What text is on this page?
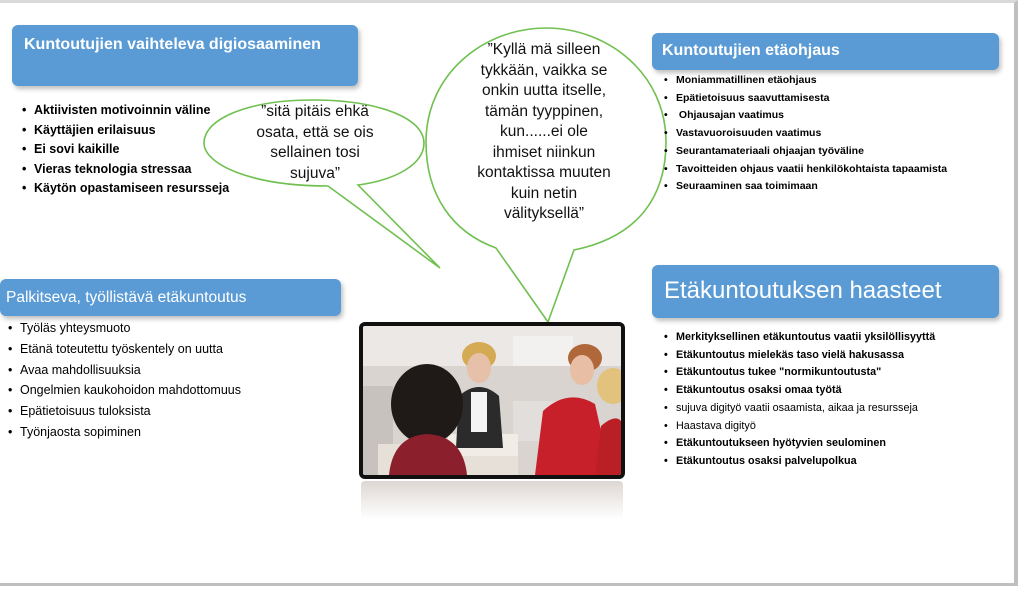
”sitä pitäis ehkä
osata, että se ois
sellainen tosi
sujuva”
”Kyllä mä silleen
tykkään, vaikka se
onkin uutta itselle,
tämän tyyppinen,
kun......ei ole
ihmiset niinkun
kontaktissa muuten
kuin netin
välityksellä”
Kuntoutujien vaihteleva digiosaaminen
• Aktiivisten motivoinnin väline
• Käyttäjien erilaisuus
• Ei sovi kaikille
• Vieras teknologia stressaa
• Käytön opastamiseen resursseja
Kuntoutujien etäohjaus
• Moniammatillinen etäohjaus
• Epätietoisuus saavuttamisesta
•  Ohjausajan vaatimus
• Vastavuoroisuuden vaatimus
• Seurantamateriaali ohjaajan työväline
• Tavoitteiden ohjaus vaatii henkilökohtaista tapaamista
• Seuraaminen saa toimimaan
Palkitseva, työllistävä etäkuntoutus
• Työläs yhteysmuoto
• Etänä toteutettu työskentely on uutta
• Avaa mahdollisuuksia
• Ongelmien kaukohoidon mahdottomuus
• Epätietoisuus tuloksista
• Työnjaosta sopiminen
Etäkuntoutuksen haasteet
• Merkityksellinen etäkuntoutus vaatii yksilöllisyyttä
• Etäkuntoutus mielekäs taso vielä hakusassa
• Etäkuntoutus tukee "normikuntoutusta"
• Etäkuntoutus osaksi omaa työtä
• sujuva digityö vaatii osaamista, aikaa ja resursseja
• Haastava digityö
• Etäkuntoutukseen hyötyvien seulominen
• Etäkuntoutus osaksi palvelupolkua
